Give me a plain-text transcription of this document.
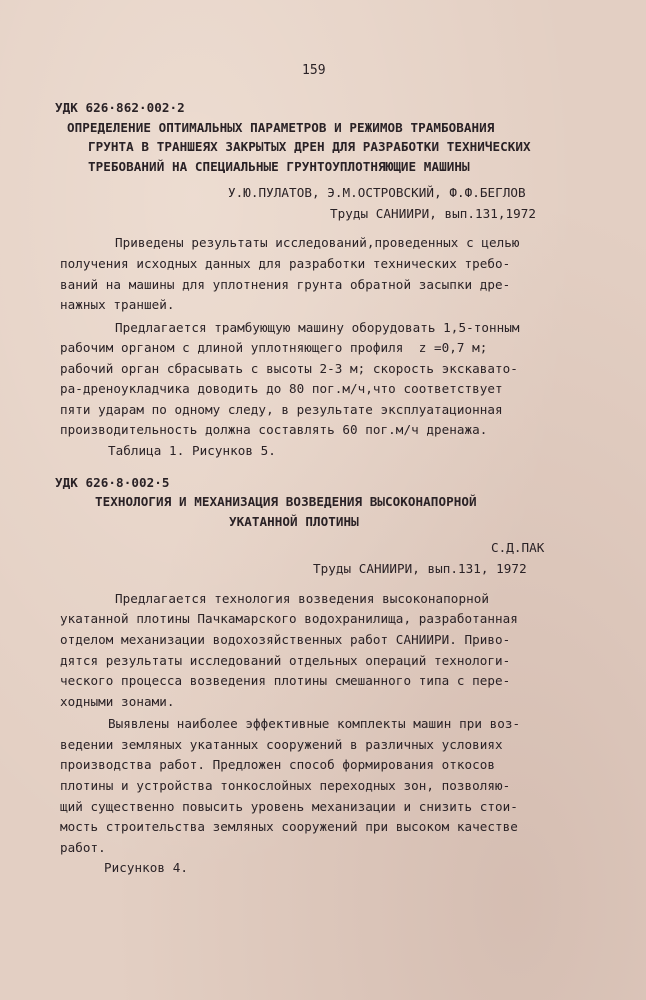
159
УДК 626·862·002·2
ОПРЕДЕЛЕНИЕ ОПТИМАЛЬНЫХ ПАРАМЕТРОВ И РЕЖИМОВ ТРАМБОВАНИЯ
ГРУНТА В ТРАНШЕЯХ ЗАКРЫТЫХ ДРЕН ДЛЯ РАЗРАБОТКИ ТЕХНИЧЕСКИХ
ТРЕБОВАНИЙ НА СПЕЦИАЛЬНЫЕ ГРУНТОУПЛОТНЯЮЩИЕ МАШИНЫ
У.Ю.ПУЛАТОВ, Э.М.ОСТРОВСКИЙ, Ф.Ф.БЕГЛОВ
Труды САНИИРИ, вып.131,1972
Приведены результаты исследований,проведенных с целью
получения исходных данных для разработки технических требо-
ваний на машины для уплотнения грунта обратной засыпки дре-
нажных траншей.
Предлагается трамбующую машину оборудовать 1,5-тонным
рабочим органом с длиной уплотняющего профиля  z =0,7 м;
рабочий орган сбрасывать с высоты 2-3 м; скорость экскавато-
ра-дреноукладчика доводить до 80 пог.м/ч,что соответствует
пяти ударам по одному следу, в результате эксплуатационная
производительность должна составлять 60 пог.м/ч дренажа.
Таблица 1. Рисунков 5.
УДК 626·8·002·5
ТЕХНОЛОГИЯ И МЕХАНИЗАЦИЯ ВОЗВЕДЕНИЯ ВЫСОКОНАПОРНОЙ
УКАТАННОЙ ПЛОТИНЫ
С.Д.ПАК
Труды САНИИРИ, вып.131, 1972
Предлагается технология возведения высоконапорной
укатанной плотины Пачкамарского водохранилища, разработанная
отделом механизации водохозяйственных работ САНИИРИ. Приво-
дятся результаты исследований отдельных операций технологи-
ческого процесса возведения плотины смешанного типа с пере-
ходными зонами.
Выявлены наиболее эффективные комплекты машин при воз-
ведении земляных укатанных сооружений в различных условиях
производства работ. Предложен способ формирования откосов
плотины и устройства тонкослойных переходных зон, позволяю-
щий существенно повысить уровень механизации и снизить стои-
мость строительства земляных сооружений при высоком качестве
работ.
Рисунков 4.
